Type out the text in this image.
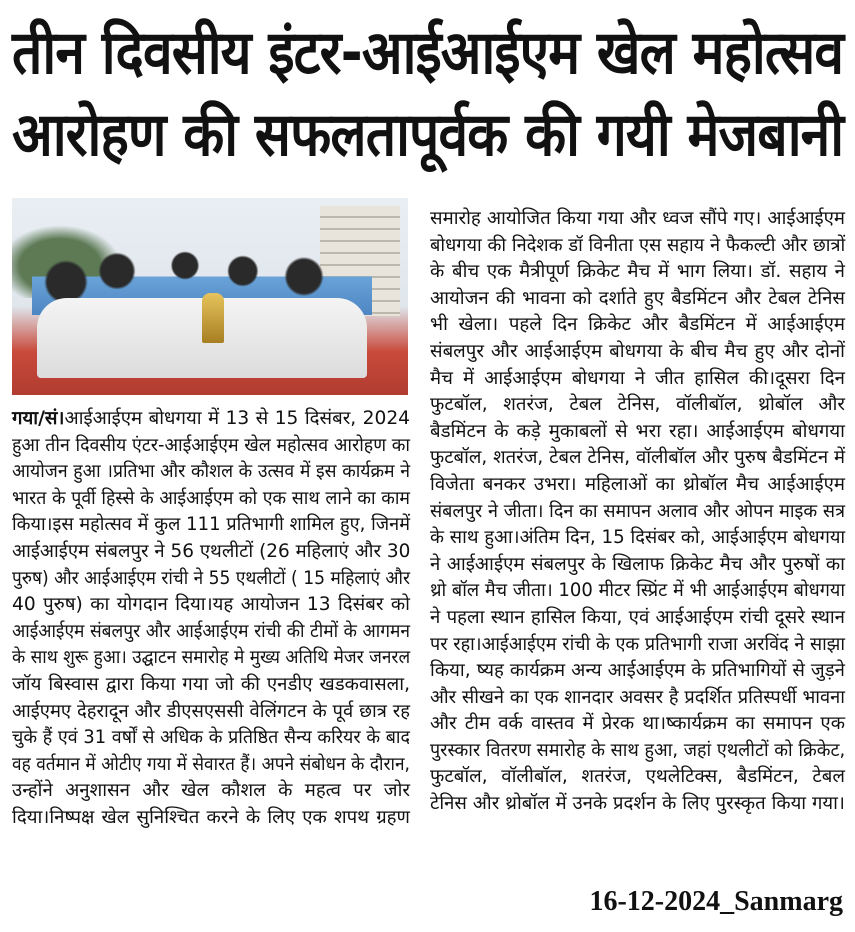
तीन दिवसीय इंटर-आईआईएम खेल महोत्सव
आरोहण की सफलतापूर्वक की गयी मेजबानी
गया/सं।आईआईएम बोधगया में 13 से 15 दिसंबर, 2024
हुआ तीन दिवसीय एंटर-आईआईएम खेल महोत्सव आरोहण का
आयोजन हुआ ।प्रतिभा और कौशल के उत्सव में इस कार्यक्रम ने
भारत के पूर्वी हिस्से के आईआईएम को एक साथ लाने का काम
किया।इस महोत्सव में कुल 111 प्रतिभागी शामिल हुए, जिनमें
आईआईएम संबलपुर ने 56 एथलीटों (26 महिलाएं और 30
पुरुष) और आईआईएम रांची ने 55 एथलीटों ( 15 महिलाएं और
40 पुरुष) का योगदान दिया।यह आयोजन 13 दिसंबर को
आईआईएम संबलपुर और आईआईएम रांची की टीमों के आगमन
के साथ शुरू हुआ। उद्घाटन समारोह मे मुख्य अतिथि मेजर जनरल
जॉय बिस्वास द्वारा किया गया जो की एनडीए खडकवासला,
आईएमए देहरादून और डीएसएससी वेलिंगटन के पूर्व छात्र रह
चुके हैं एवं 31 वर्षों से अधिक के प्रतिष्ठित सैन्य करियर के बाद
वह वर्तमान में ओटीए गया में सेवारत हैं। अपने संबोधन के दौरान,
उन्होंने अनुशासन और खेल कौशल के महत्व पर जोर
दिया।निष्पक्ष खेल सुनिश्चित करने के लिए एक शपथ ग्रहण
समारोह आयोजित किया गया और ध्वज सौंपे गए। आईआईएम
बोधगया की निदेशक डॉ विनीता एस सहाय ने फैकल्टी और छात्रों
के बीच एक मैत्रीपूर्ण क्रिकेट मैच में भाग लिया। डॉ. सहाय ने
आयोजन की भावना को दर्शाते हुए बैडमिंटन और टेबल टेनिस
भी खेला। पहले दिन क्रिकेट और बैडमिंटन में आईआईएम
संबलपुर और आईआईएम बोधगया के बीच मैच हुए और दोनों
मैच में आईआईएम बोधगया ने जीत हासिल की।दूसरा दिन
फुटबॉल, शतरंज, टेबल टेनिस, वॉलीबॉल, थ्रोबॉल और
बैडमिंटन के कड़े मुकाबलों से भरा रहा। आईआईएम बोधगया
फुटबॉल, शतरंज, टेबल टेनिस, वॉलीबॉल और पुरुष बैडमिंटन में
विजेता बनकर उभरा। महिलाओं का थ्रोबॉल मैच आईआईएम
संबलपुर ने जीता। दिन का समापन अलाव और ओपन माइक सत्र
के साथ हुआ।अंतिम दिन, 15 दिसंबर को, आईआईएम बोधगया
ने आईआईएम संबलपुर के खिलाफ क्रिकेट मैच और पुरुषों का
थ्रो बॉल मैच जीता। 100 मीटर स्प्रिंट में भी आईआईएम बोधगया
ने पहला स्थान हासिल किया, एवं आईआईएम रांची दूसरे स्थान
पर रहा।आईआईएम रांची के एक प्रतिभागी राजा अरविंद ने साझा
किया, ष्यह कार्यक्रम अन्य आईआईएम के प्रतिभागियों से जुड़ने
और सीखने का एक शानदार अवसर है प्रदर्शित प्रतिस्पर्धी भावना
और टीम वर्क वास्तव में प्रेरक था।ष्कार्यक्रम का समापन एक
पुरस्कार वितरण समारोह के साथ हुआ, जहां एथलीटों को क्रिकेट,
फुटबॉल, वॉलीबॉल, शतरंज, एथलेटिक्स, बैडमिंटन, टेबल
टेनिस और थ्रोबॉल में उनके प्रदर्शन के लिए पुरस्कृत किया गया।
16-12-2024_Sanmarg
